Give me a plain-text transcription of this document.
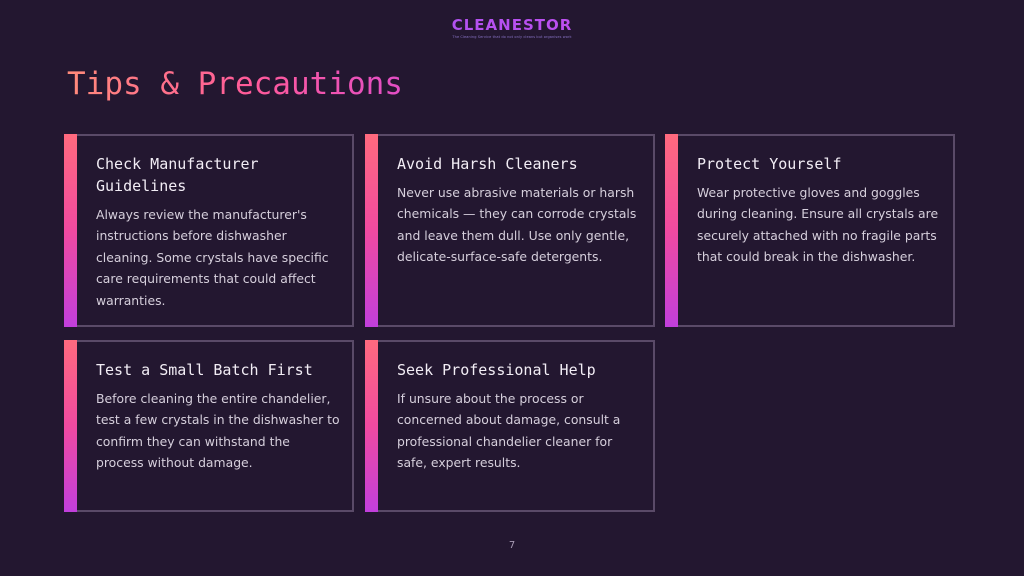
CLEANESTOR
The Cleaning Service that do not only cleans but organises work
Tips & Precautions
Check Manufacturer Guidelines
Always review the manufacturer's instructions before dishwasher cleaning. Some crystals have specific care requirements that could affect warranties.
Avoid Harsh Cleaners
Never use abrasive materials or harsh chemicals — they can corrode crystals and leave them dull. Use only gentle, delicate-surface-safe detergents.
Protect Yourself
Wear protective gloves and goggles during cleaning. Ensure all crystals are securely attached with no fragile parts that could break in the dishwasher.
Test a Small Batch First
Before cleaning the entire chandelier, test a few crystals in the dishwasher to confirm they can withstand the process without damage.
Seek Professional Help
If unsure about the process or concerned about damage, consult a professional chandelier cleaner for safe, expert results.
7
